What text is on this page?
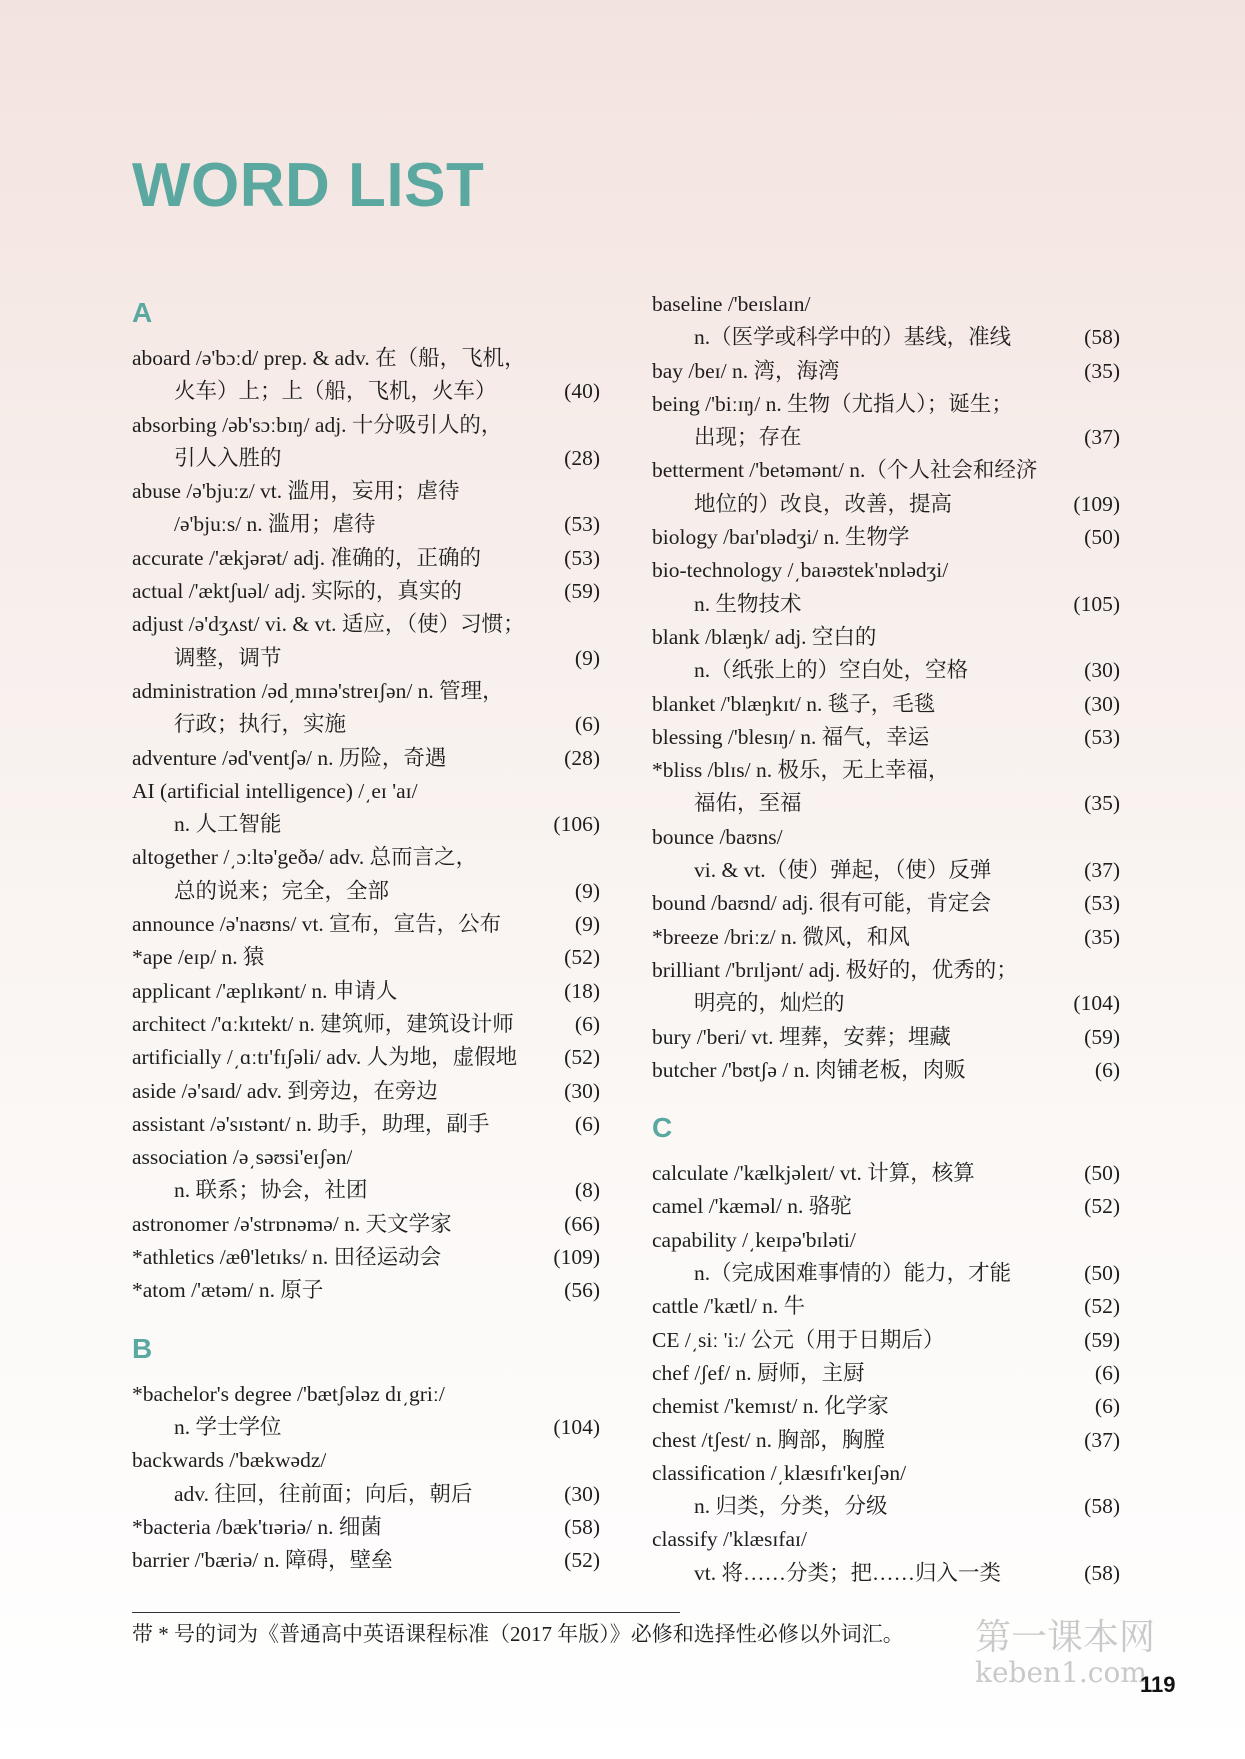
WORD LIST
A
aboard /ə'bɔːd/ prep. & adv. 在（船，飞机，
火车）上；上（船，飞机，火车）	(40)
absorbing /əb'sɔːbɪŋ/ adj. 十分吸引人的，
引人入胜的	(28)
abuse /ə'bjuːz/ vt. 滥用，妄用；虐待
/ə'bjuːs/ n. 滥用；虐待	(53)
accurate /'ækjərət/ adj. 准确的，正确的	(53)
actual /'æktʃuəl/ adj. 实际的，真实的	(59)
adjust /ə'dʒʌst/ vi. & vt. 适应，（使）习惯；
调整，调节	(9)
administration /əd͵mɪnə'streɪʃən/ n. 管理，
行政；执行，实施	(6)
adventure /əd'ventʃə/ n. 历险，奇遇	(28)
AI (artificial intelligence) /͵eɪ 'aɪ/
n. 人工智能	(106)
altogether /͵ɔːltə'geðə/ adv. 总而言之，
总的说来；完全，全部	(9)
announce /ə'naʊns/ vt. 宣布，宣告，公布	(9)
*ape /eɪp/ n. 猿	(52)
applicant /'æplɪkənt/ n. 申请人	(18)
architect /'ɑːkɪtekt/ n. 建筑师，建筑设计师	(6)
artificially /͵ɑːtɪ'fɪʃəli/ adv. 人为地，虚假地 (52)
aside /ə'saɪd/ adv. 到旁边，在旁边	(30)
assistant /ə'sɪstənt/ n. 助手，助理，副手	(6)
association /ə͵səʊsi'eɪʃən/
n. 联系；协会，社团	(8)
astronomer /ə'strɒnəmə/ n. 天文学家	(66)
*athletics /æθ'letɪks/ n. 田径运动会	(109)
*atom /'ætəm/ n. 原子	(56)
B
*bachelor's degree /'bætʃələz dɪ͵griː/
n. 学士学位	(104)
backwards /'bækwədz/
adv. 往回，往前面；向后，朝后	(30)
*bacteria /bæk'tɪəriə/ n. 细菌	(58)
barrier /'bæriə/ n. 障碍，壁垒	(52)
baseline /'beɪslaɪn/
n.（医学或科学中的）基线，准线	(58)
bay /beɪ/ n. 湾，海湾	(35)
being /'biːɪŋ/ n. 生物（尤指人）；诞生；
出现；存在	(37)
betterment /'betəmənt/ n.（个人社会和经济
地位的）改良，改善，提高	(109)
biology /baɪ'ɒlədʒi/ n. 生物学	(50)
bio-technology /͵baɪəʊtek'nɒlədʒi/
n. 生物技术	(105)
blank /blæŋk/ adj. 空白的
n.（纸张上的）空白处，空格	(30)
blanket /'blæŋkɪt/ n. 毯子，毛毯	(30)
blessing /'blesɪŋ/ n. 福气，幸运	(53)
*bliss /blɪs/ n. 极乐，无上幸福，
福佑，至福	(35)
bounce /baʊns/
vi. & vt.（使）弹起，（使）反弹	(37)
bound /baʊnd/ adj. 很有可能，肯定会	(53)
*breeze /briːz/ n. 微风，和风	(35)
brilliant /'brɪljənt/ adj. 极好的，优秀的；
明亮的，灿烂的	(104)
bury /'beri/ vt. 埋葬，安葬；埋藏	(59)
butcher /'bʊtʃə / n. 肉铺老板，肉贩	(6)
C
calculate /'kælkjəleɪt/ vt. 计算，核算	(50)
camel /'kæməl/ n. 骆驼	(52)
capability /͵keɪpə'bɪləti/
n.（完成困难事情的）能力，才能	(50)
cattle /'kætl/ n. 牛	(52)
CE /͵siː 'iː/ 公元（用于日期后）	(59)
chef /ʃef/ n. 厨师，主厨	(6)
chemist /'kemɪst/ n. 化学家	(6)
chest /tʃest/ n. 胸部，胸膛	(37)
classification /͵klæsɪfɪ'keɪʃən/
n. 归类，分类，分级	(58)
classify /'klæsɪfaɪ/
vt. 将……分类；把……归入一类	(58)
带 * 号的词为《普通高中英语课程标准（2017 年版）》必修和选择性必修以外词汇。 第一课本网
keben1.com
119
